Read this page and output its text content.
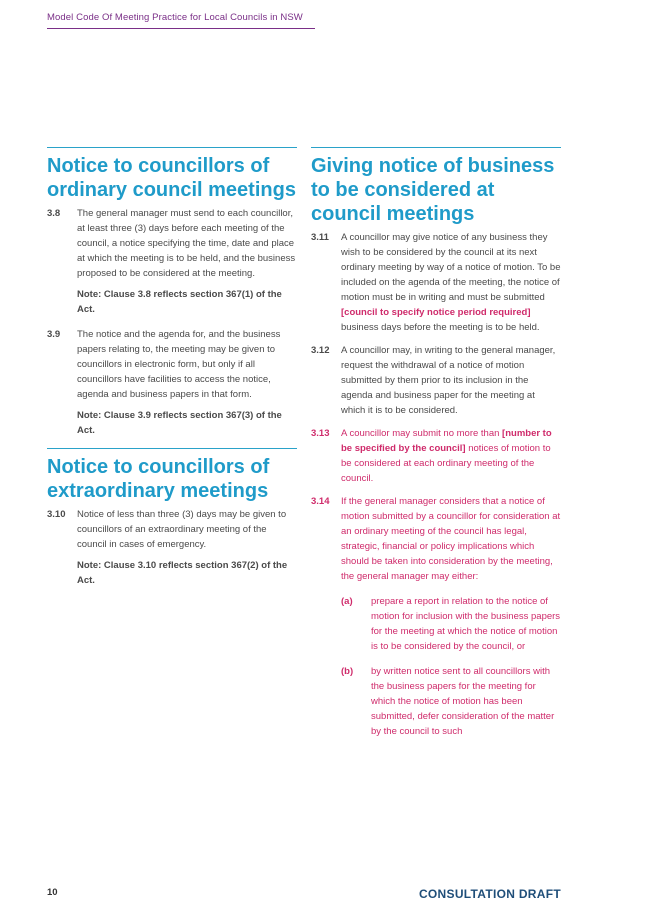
Model Code Of Meeting Practice for Local Councils in NSW
Notice to councillors of ordinary council meetings
3.8	The general manager must send to each councillor, at least three (3) days before each meeting of the council, a notice specifying the time, date and place at which the meeting is to be held, and the business proposed to be considered at the meeting.
Note: Clause 3.8 reflects section 367(1) of the Act.
3.9	The notice and the agenda for, and the business papers relating to, the meeting may be given to councillors in electronic form, but only if all councillors have facilities to access the notice, agenda and business papers in that form.
Note: Clause 3.9 reflects section 367(3) of the Act.
Notice to councillors of extraordinary meetings
3.10	Notice of less than three (3) days may be given to councillors of an extraordinary meeting of the council in cases of emergency.
Note: Clause 3.10 reflects section 367(2) of the Act.
Giving notice of business to be considered at council meetings
3.11	A councillor may give notice of any business they wish to be considered by the council at its next ordinary meeting by way of a notice of motion. To be included on the agenda of the meeting, the notice of motion must be in writing and must be submitted [council to specify notice period required] business days before the meeting is to be held.
3.12	A councillor may, in writing to the general manager, request the withdrawal of a notice of motion submitted by them prior to its inclusion in the agenda and business paper for the meeting at which it is to be considered.
3.13	A councillor may submit no more than [number to be specified by the council] notices of motion to be considered at each ordinary meeting of the council.
3.14	If the general manager considers that a notice of motion submitted by a councillor for consideration at an ordinary meeting of the council has legal, strategic, financial or policy implications which should be taken into consideration by the meeting, the general manager may either:
(a)	prepare a report in relation to the notice of motion for inclusion with the business papers for the meeting at which the notice of motion is to be considered by the council, or
(b)	by written notice sent to all councillors with the business papers for the meeting for which the notice of motion has been submitted, defer consideration of the matter by the council to such
10	CONSULTATION DRAFT
